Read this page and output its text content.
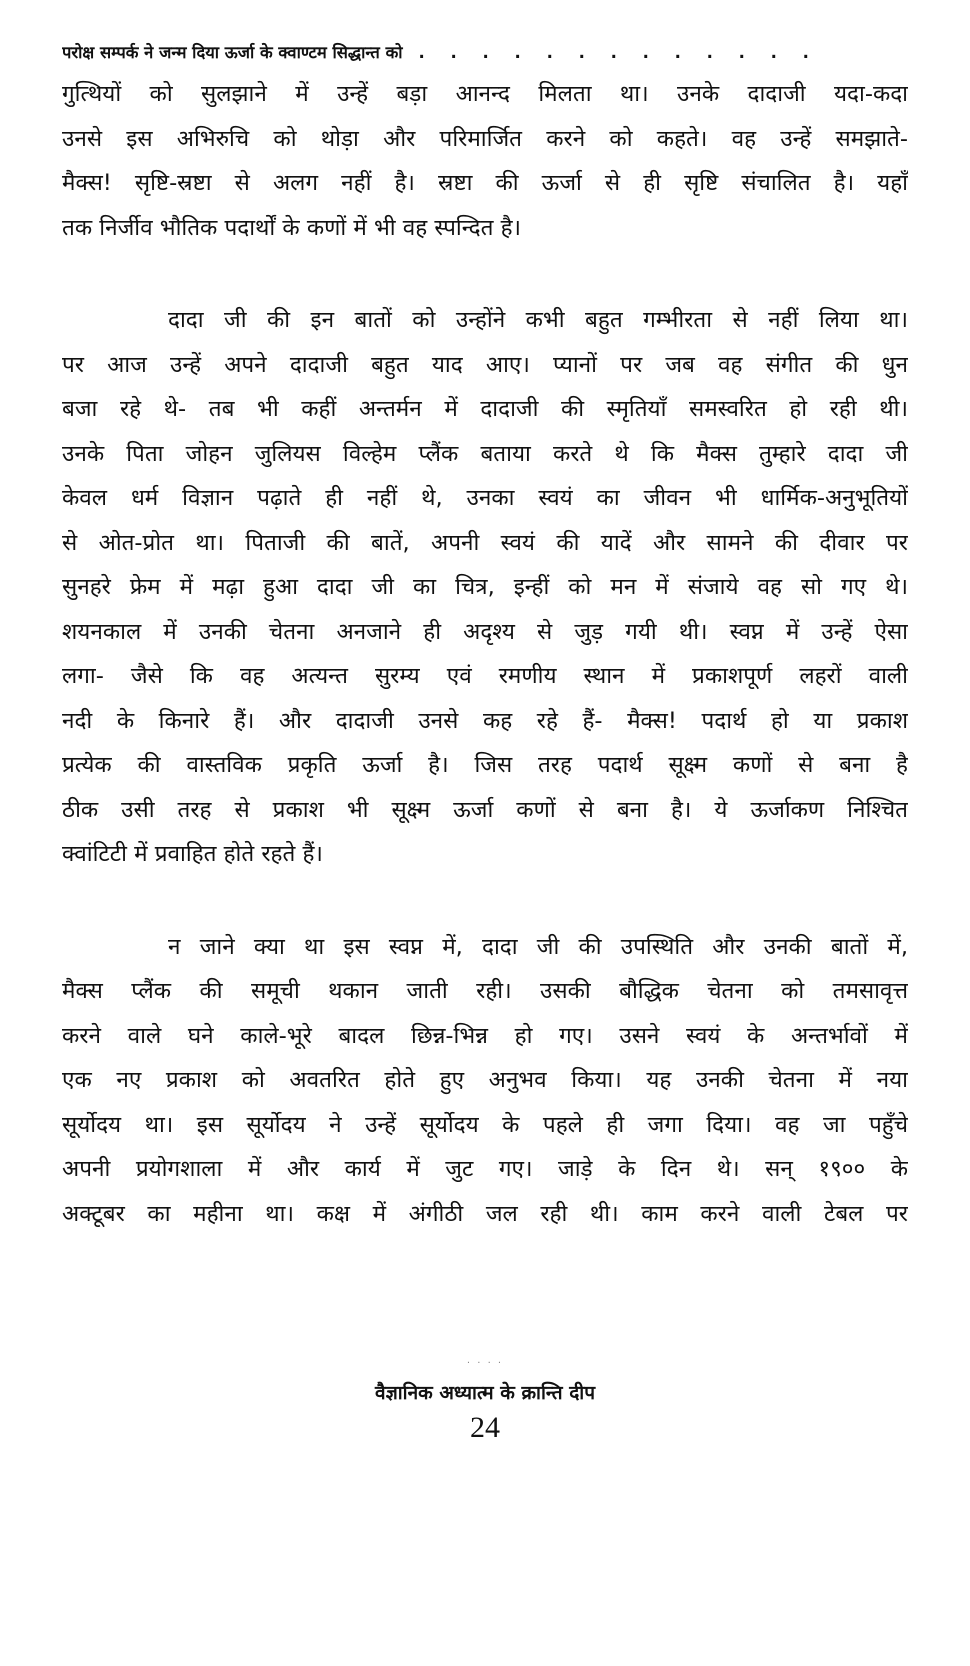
परोक्ष सम्पर्क ने जन्म दिया ऊर्जा के क्वाण्टम सिद्धान्त को . . . . . . . . . . . . .
गुत्थियों को सुलझाने में उन्हें बड़ा आनन्द मिलता था। उनके दादाजी यदा-कदा
उनसे इस अभिरुचि को थोड़ा और परिमार्जित करने को कहते। वह उन्हें समझाते-
मैक्स! सृष्टि-स्रष्टा से अलग नहीं है। स्रष्टा की ऊर्जा से ही सृष्टि संचालित है। यहाँ
तक निर्जीव भौतिक पदार्थों के कणों में भी वह स्पन्दित है।
दादा जी की इन बातों को उन्होंने कभी बहुत गम्भीरता से नहीं लिया था।
पर आज उन्हें अपने दादाजी बहुत याद आए। प्यानों पर जब वह संगीत की धुन
बजा रहे थे- तब भी कहीं अन्तर्मन में दादाजी की स्मृतियाँ समस्वरित हो रही थी।
उनके पिता जोहन जुलियस विल्हेम प्लैंक बताया करते थे कि मैक्स तुम्हारे दादा जी
केवल धर्म विज्ञान पढ़ाते ही नहीं थे, उनका स्वयं का जीवन भी धार्मिक-अनुभूतियों
से ओत-प्रोत था। पिताजी की बातें, अपनी स्वयं की यादें और सामने की दीवार पर
सुनहरे फ्रेम में मढ़ा हुआ दादा जी का चित्र, इन्हीं को मन में संजाये वह सो गए थे।
शयनकाल में उनकी चेतना अनजाने ही अदृश्य से जुड़ गयी थी। स्वप्न में उन्हें ऐसा
लगा- जैसे कि वह अत्यन्त सुरम्य एवं रमणीय स्थान में प्रकाशपूर्ण लहरों वाली
नदी के किनारे हैं। और दादाजी उनसे कह रहे हैं- मैक्स! पदार्थ हो या प्रकाश
प्रत्येक की वास्तविक प्रकृति ऊर्जा है। जिस तरह पदार्थ सूक्ष्म कणों से बना है
ठीक उसी तरह से प्रकाश भी सूक्ष्म ऊर्जा कणों से बना है। ये ऊर्जाकण निश्चित
क्वांटिटी में प्रवाहित होते रहते हैं।
न जाने क्या था इस स्वप्न में, दादा जी की उपस्थिति और उनकी बातों में,
मैक्स प्लैंक की समूची थकान जाती रही। उसकी बौद्धिक चेतना को तमसावृत्त
करने वाले घने काले-भूरे बादल छिन्न-भिन्न हो गए। उसने स्वयं के अन्तर्भावों में
एक नए प्रकाश को अवतरित होते हुए अनुभव किया। यह उनकी चेतना में नया
सूर्योदय था। इस सूर्योदय ने उन्हें सूर्योदय के पहले ही जगा दिया। वह जा पहुँचे
अपनी प्रयोगशाला में और कार्य में जुट गए। जाड़े के दिन थे। सन् १९०० के
अक्टूबर का महीना था। कक्ष में अंगीठी जल रही थी। काम करने वाली टेबल पर
· · · ·
वैज्ञानिक अध्यात्म के क्रान्ति दीप
24
